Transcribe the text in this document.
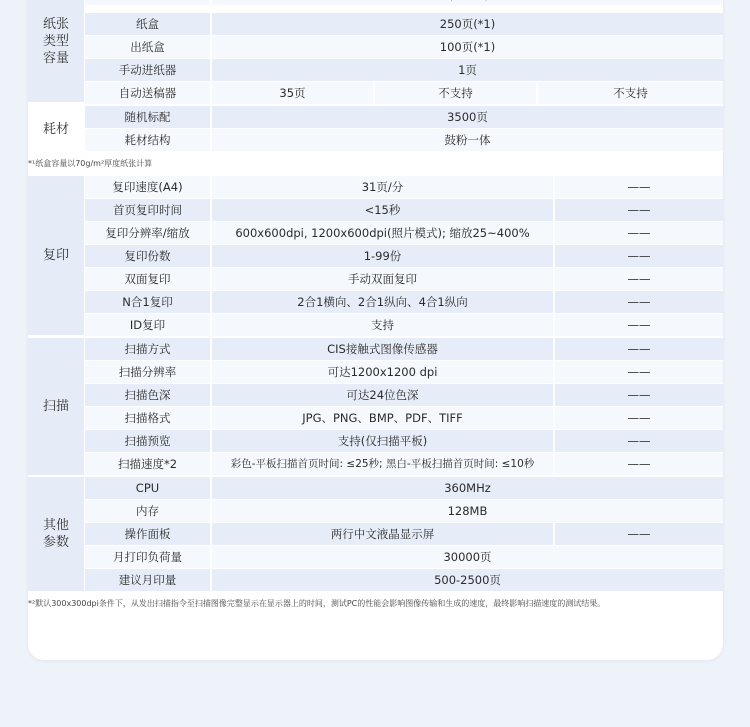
纸张
类型
容量
纸盒	250页(*1)
出纸盒	100页(*1)
手动进纸器	1页
自动送稿器	35页	不支持	不支持
耗材
随机标配	3500页
耗材结构	鼓粉一体
*¹纸盒容量以70g/m²厚度纸张计算
复印
复印速度(A4)	31页/分	——
首页复印时间	<15秒	——
复印分辨率/缩放	600x600dpi, 1200x600dpi(照片模式); 缩放25~400%	——
复印份数	1-99份	——
双面复印	手动双面复印	——
N合1复印	2合1横向、2合1纵向、4合1纵向	——
ID复印	支持	——
扫描
扫描方式	CIS接触式图像传感器	——
扫描分辨率	可达1200x1200 dpi	——
扫描色深	可达24位色深	——
扫描格式	JPG、PNG、BMP、PDF、TIFF	——
扫描预览	支持(仅扫描平板)	——
扫描速度*2	彩色-平板扫描首页时间: ≤25秒; 黑白-平板扫描首页时间: ≤10秒	——
其他
参数
CPU	360MHz
内存	128MB
操作面板	两行中文液晶显示屏	——
月打印负荷量	30000页
建议月印量	500-2500页
*²默认300x300dpi条件下，从发出扫描指令至扫描图像完整显示在显示器上的时间，测试PC的性能会影响图像传输和生成的速度，最终影响扫描速度的测试结果。
